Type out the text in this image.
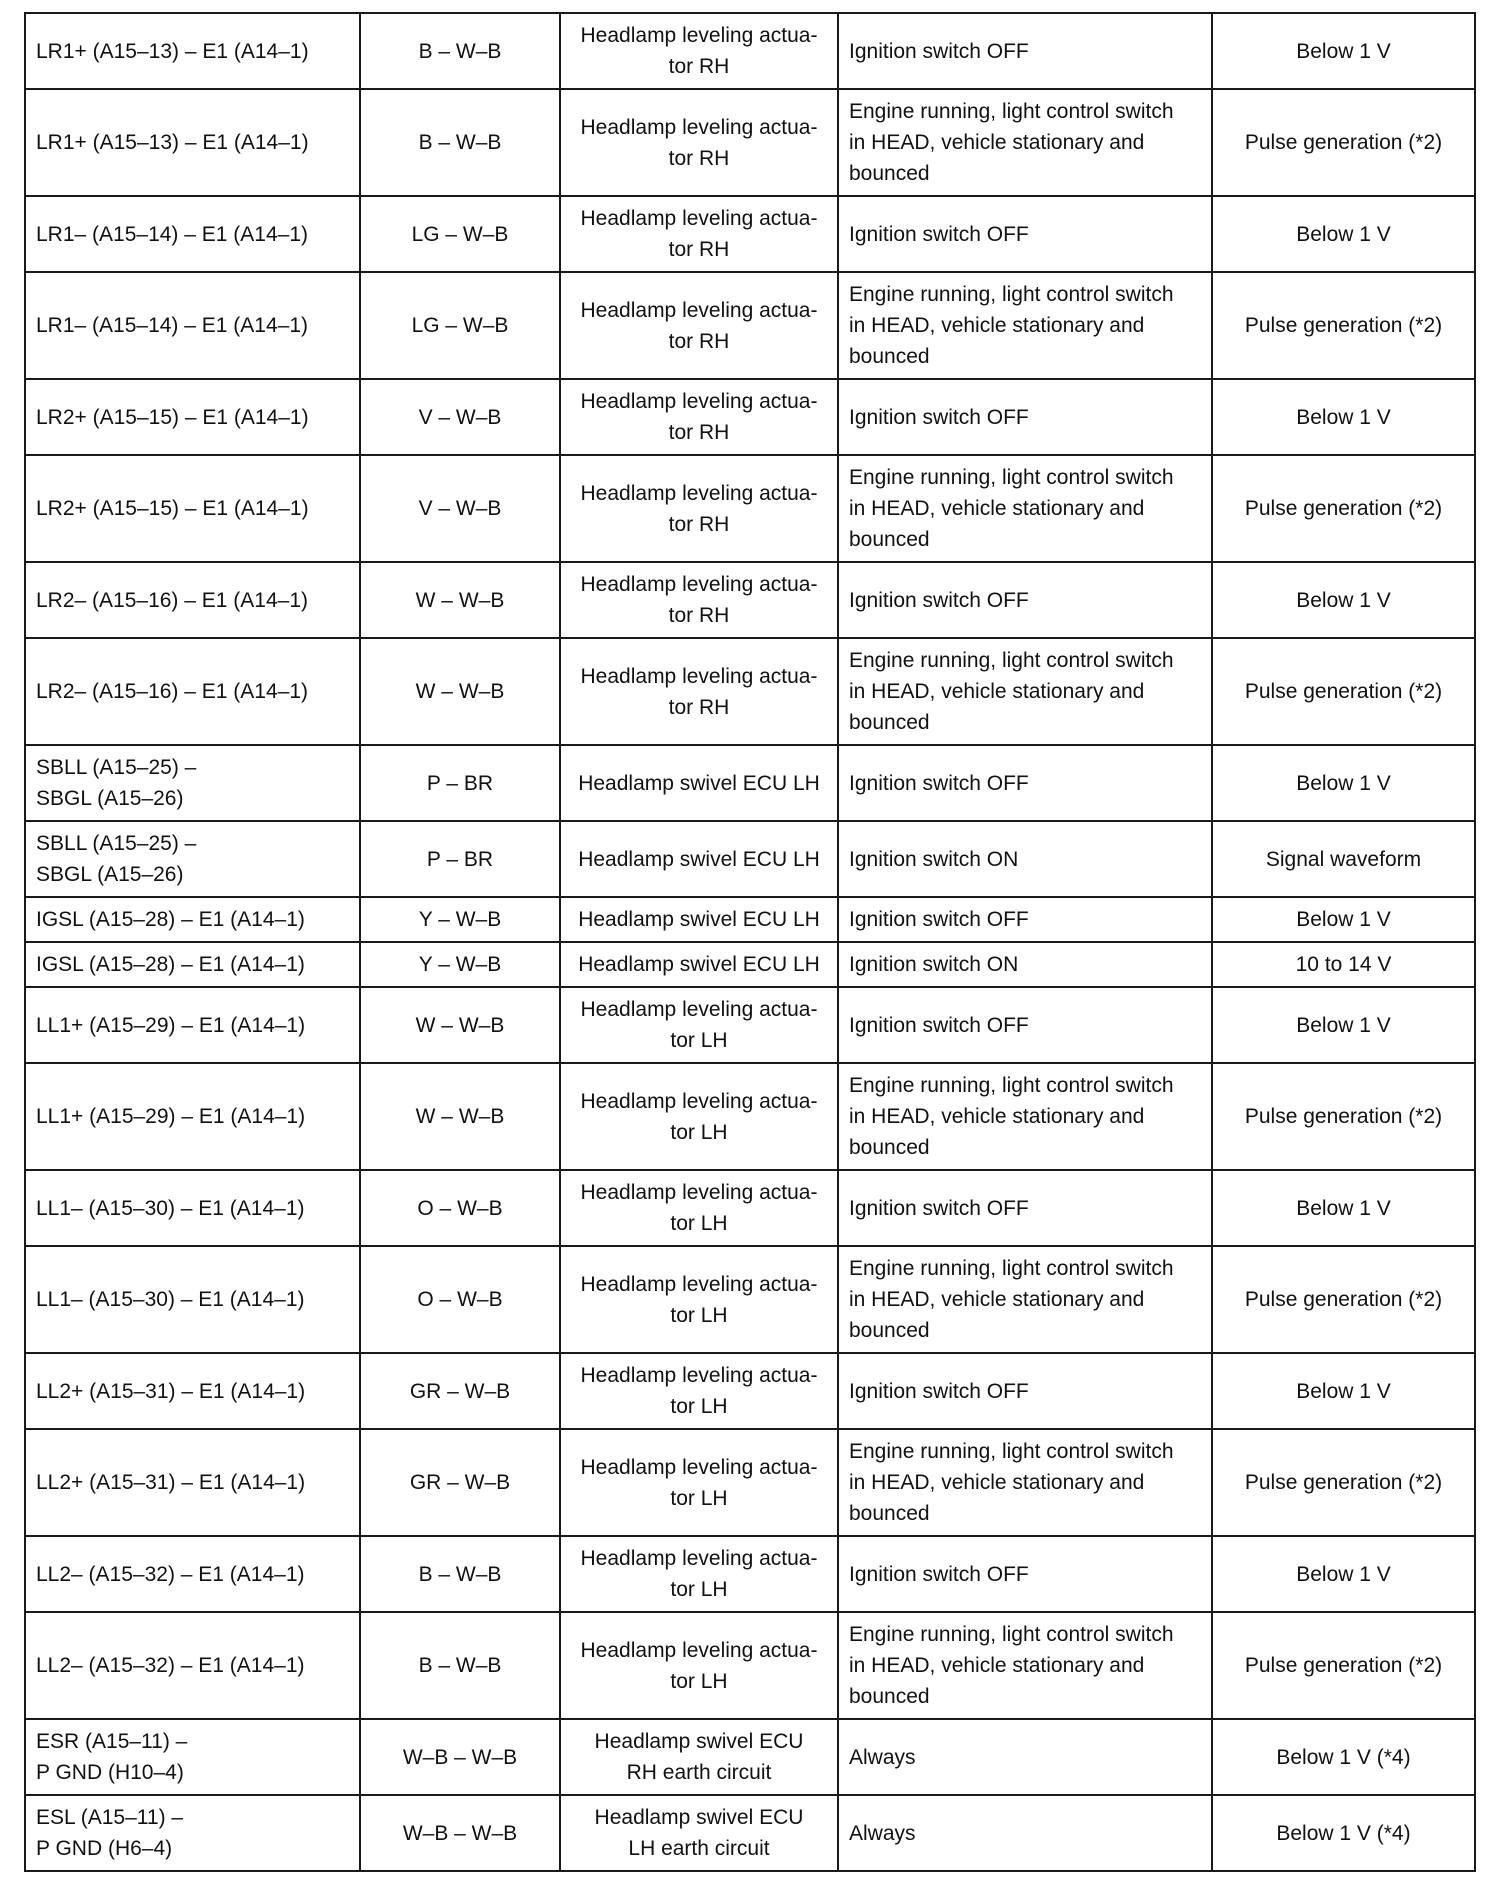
LR1+ (A15–13) – E1 (A14–1)	B – W–B	Headlamp leveling actua-
tor RH	Ignition switch OFF	Below 1 V

LR1+ (A15–13) – E1 (A14–1)	B – W–B	Headlamp leveling actua-
tor RH	Engine running, light control switch
in HEAD, vehicle stationary and
bounced	Pulse generation (*2)

LR1– (A15–14) – E1 (A14–1)	LG – W–B	Headlamp leveling actua-
tor RH	Ignition switch OFF	Below 1 V

LR1– (A15–14) – E1 (A14–1)	LG – W–B	Headlamp leveling actua-
tor RH	Engine running, light control switch
in HEAD, vehicle stationary and
bounced	Pulse generation (*2)

LR2+ (A15–15) – E1 (A14–1)	V – W–B	Headlamp leveling actua-
tor RH	Ignition switch OFF	Below 1 V

LR2+ (A15–15) – E1 (A14–1)	V – W–B	Headlamp leveling actua-
tor RH	Engine running, light control switch
in HEAD, vehicle stationary and
bounced	Pulse generation (*2)

LR2– (A15–16) – E1 (A14–1)	W – W–B	Headlamp leveling actua-
tor RH	Ignition switch OFF	Below 1 V

LR2– (A15–16) – E1 (A14–1)	W – W–B	Headlamp leveling actua-
tor RH	Engine running, light control switch
in HEAD, vehicle stationary and
bounced	Pulse generation (*2)

SBLL (A15–25) –
SBGL (A15–26)	P – BR	Headlamp swivel ECU LH	Ignition switch OFF	Below 1 V

SBLL (A15–25) –
SBGL (A15–26)	P – BR	Headlamp swivel ECU LH	Ignition switch ON	Signal waveform

IGSL (A15–28) – E1 (A14–1)	Y – W–B	Headlamp swivel ECU LH	Ignition switch OFF	Below 1 V

IGSL (A15–28) – E1 (A14–1)	Y – W–B	Headlamp swivel ECU LH	Ignition switch ON	10 to 14 V

LL1+ (A15–29) – E1 (A14–1)	W – W–B	Headlamp leveling actua-
tor LH	Ignition switch OFF	Below 1 V

LL1+ (A15–29) – E1 (A14–1)	W – W–B	Headlamp leveling actua-
tor LH	Engine running, light control switch
in HEAD, vehicle stationary and
bounced	Pulse generation (*2)

LL1– (A15–30) – E1 (A14–1)	O – W–B	Headlamp leveling actua-
tor LH	Ignition switch OFF	Below 1 V

LL1– (A15–30) – E1 (A14–1)	O – W–B	Headlamp leveling actua-
tor LH	Engine running, light control switch
in HEAD, vehicle stationary and
bounced	Pulse generation (*2)

LL2+ (A15–31) – E1 (A14–1)	GR – W–B	Headlamp leveling actua-
tor LH	Ignition switch OFF	Below 1 V

LL2+ (A15–31) – E1 (A14–1)	GR – W–B	Headlamp leveling actua-
tor LH	Engine running, light control switch
in HEAD, vehicle stationary and
bounced	Pulse generation (*2)

LL2– (A15–32) – E1 (A14–1)	B – W–B	Headlamp leveling actua-
tor LH	Ignition switch OFF	Below 1 V

LL2– (A15–32) – E1 (A14–1)	B – W–B	Headlamp leveling actua-
tor LH	Engine running, light control switch
in HEAD, vehicle stationary and
bounced	Pulse generation (*2)

ESR (A15–11) –
P GND (H10–4)	W–B – W–B	Headlamp swivel ECU
RH earth circuit	Always	Below 1 V (*4)

ESL (A15–11) –
P GND (H6–4)	W–B – W–B	Headlamp swivel ECU
LH earth circuit	Always	Below 1 V (*4)
